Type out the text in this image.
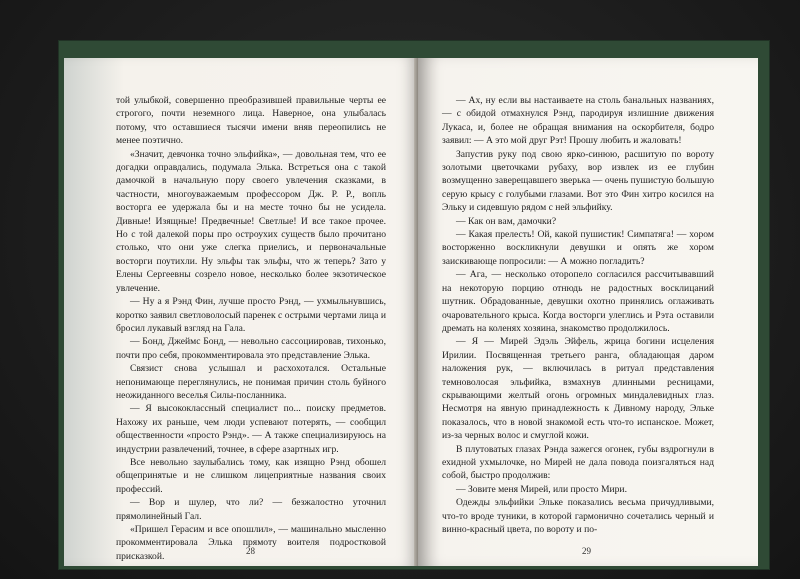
той улыбкой, совершенно преобразившей правильные черты ее строгого, почти неземного лица. Наверное, она улыбалась потому, что оставшиеся тысячи имени вняв переопились не менее поэтично.

«Значит, девчонка точно эльфийка», — довольная тем, что ее догадки оправдались, подумала Элька. Встреться она с такой дамочкой в начальную пору своего увлечения сказками, в частности, многоуважаемым профессором Дж. Р. Р., вопль восторга ее удержала бы и на месте точно бы не усидела. Дивные! Изящные! Предвечные! Светлые! И все такое прочее. Но с той далекой поры про остроухих существ было прочитано столько, что они уже слегка приелись, и первоначальные восторги поутихли. Ну эльфы так эльфы, что ж теперь? Зато у Елены Сергеевны созрело новое, несколько более экзотическое увлечение.

— Ну а я Рэнд Фин, лучше просто Рэнд, — ухмыльнувшись, коротко заявил светловолосый паренек с острыми чертами лица и бросил лукавый взгляд на Гала.

— Бонд, Джеймс Бонд, — невольно сассоциировав, тихонько, почти про себя, прокомментировала это представление Элька.

Связист снова услышал и расхохотался. Остальные непонимающе переглянулись, не понимая причин столь буйного неожиданного веселья Силы-посланника.

— Я высококлассный специалист по... поиску предметов. Нахожу их раньше, чем люди успевают потерять, — сообщил общественности «просто Рэнд». — А также специализируюсь на индустрии развлечений, точнее, в сфере азартных игр.

Все невольно заулыбались тому, как изящно Рэнд обошел общепринятые и не слишком лицеприятные названия своих профессий.

— Вор и шулер, что ли? — безжалостно уточнил прямолинейный Гал.

«Пришел Герасим и все опошлил», — машинально мысленно прокомментировала Элька прямоту воителя подростковой присказкой.	28

— Ах, ну если вы настаиваете на столь банальных названиях, — с обидой отмахнулся Рэнд, пародируя излишние движения Лукаса, и, более не обращая внимания на оскорбителя, бодро заявил: — А это мой друг Рэт! Прошу любить и жаловать!

Запустив руку под свою ярко-синюю, расшитую по вороту золотыми цветочками рубаху, вор извлек из ее глубин возмущенно заверещавшего зверька — очень пушистую большую серую крысу с голубыми глазами. Вот это Фин хитро косился на Эльку и сидевшую рядом с ней эльфийку.

— Как он вам, дамочки?

— Какая прелесть! Ой, какой пушистик! Симпатяга! — хором восторженно воскликнули девушки и опять же хором заискивающе попросили: — А можно погладить?

— Ага, — несколько оторопело согласился рассчитывавший на некоторую порцию отнюдь не радостных восклицаний шутник. Обрадованные, девушки охотно принялись оглаживать очаровательного крыса. Когда восторги улеглись и Рэта оставили дремать на коленях хозяина, знакомство продолжилось.

— Я — Мирей Эдэль Эйфель, жрица богини исцеления Ирилии. Посвященная третьего ранга, обладающая даром наложения рук, — включилась в ритуал представления темноволосая эльфийка, взмахнув длинными ресницами, скрывающими желтый огонь огромных миндалевидных глаз. Несмотря на явную принадлежность к Дивному народу, Эльке показалось, что в новой знакомой есть что-то испанское. Может, из-за черных волос и смуглой кожи.

В плутоватых глазах Рэнда зажегся огонек, губы вздрогнули в ехидной ухмылочке, но Мирей не дала повода поизгаляться над собой, быстро продолжив:

— Зовите меня Мирей, или просто Мири.

Одежды эльфийки Эльке показались весьма причудливыми, что-то вроде туники, в которой гармонично сочетались черный и винно-красный цвета, по вороту и по-

29
